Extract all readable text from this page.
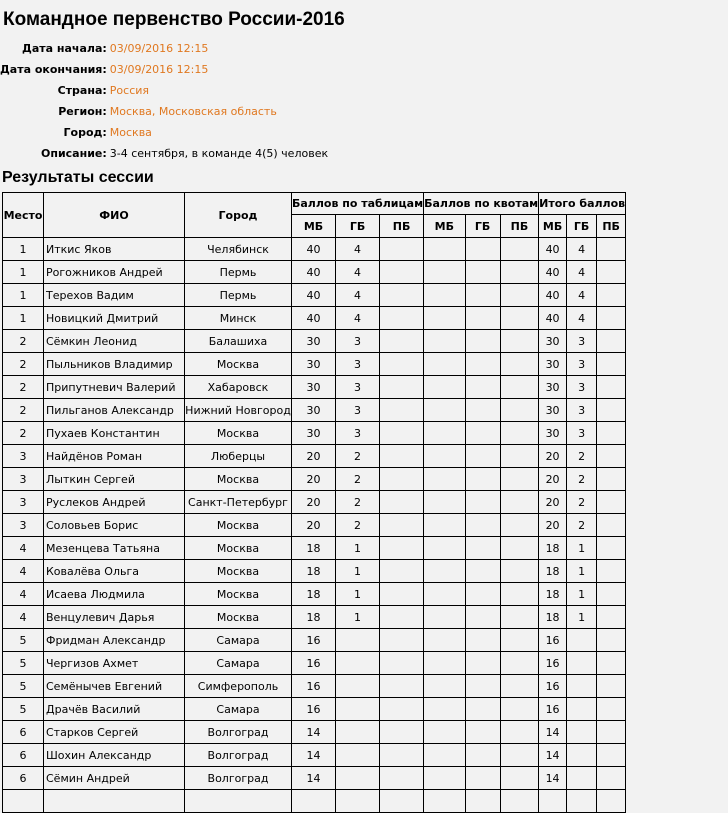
Командное первенство России-2016
Дата начала:	03/09/2016 12:15
Дата окончания:	03/09/2016 12:15
Страна:	Россия
Регион:	Москва, Московская область
Город:	Москва
Описание:	3-4 сентября, в команде 4(5) человек
Результаты сессии
Место	ФИО	Город	Баллов по таблицам			Баллов по квотам			Итого баллов		
			МБ	ГБ	ПБ	МБ	ГБ	ПБ	МБ	ГБ	ПБ
1	Иткис Яков	Челябинск	40	4					40	4	
1	Рогожников Андрей	Пермь	40	4					40	4	
1	Терехов Вадим	Пермь	40	4					40	4	
1	Новицкий Дмитрий	Минск	40	4					40	4	
2	Сёмкин Леонид	Балашиха	30	3					30	3	
2	Пыльников Владимир	Москва	30	3					30	3	
2	Припутневич Валерий	Хабаровск	30	3					30	3	
2	Пильганов Александр	Нижний Новгород	30	3					30	3	
2	Пухаев Константин	Москва	30	3					30	3	
3	Найдёнов Роман	Люберцы	20	2					20	2	
3	Лыткин Сергей	Москва	20	2					20	2	
3	Руслеков Андрей	Санкт-Петербург	20	2					20	2	
3	Соловьев Борис	Москва	20	2					20	2	
4	Мезенцева Татьяна	Москва	18	1					18	1	
4	Ковалёва Ольга	Москва	18	1					18	1	
4	Исаева Людмила	Москва	18	1					18	1	
4	Венцулевич Дарья	Москва	18	1					18	1	
5	Фридман Александр	Самара	16						16		
5	Чергизов Ахмет	Самара	16						16		
5	Семёнычев Евгений	Симферополь	16						16		
5	Драчёв Василий	Самара	16						16		
6	Старков Сергей	Волгоград	14						14		
6	Шохин Александр	Волгоград	14						14		
6	Сёмин Андрей	Волгоград	14						14		
